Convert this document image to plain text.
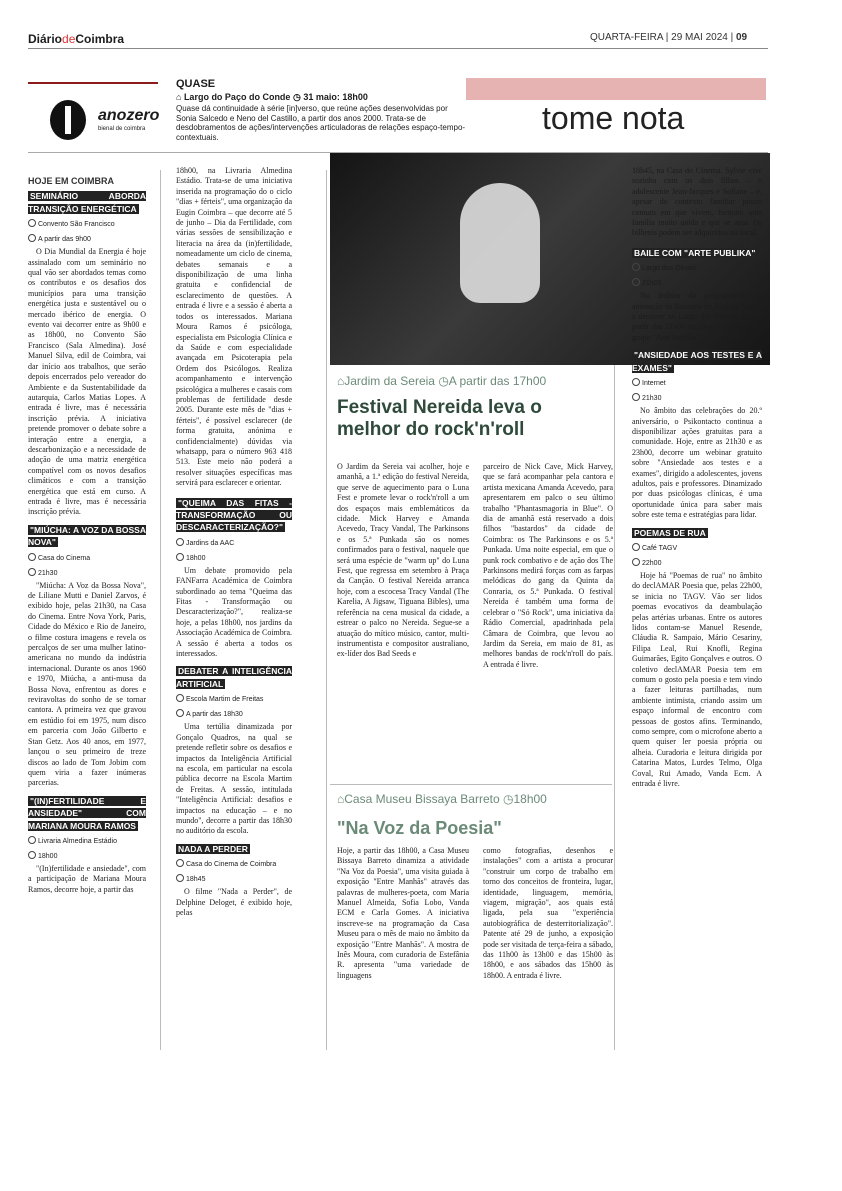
DiáriodeCoimbra	QUARTA-FEIRA | 29 MAI 2024 | 09
anozero
bienal de coimbra
QUASE
⌂ Largo do Paço do Conde ◷ 31 maio: 18h00
Quase dá continuidade à série [in]verso, que reúne ações desenvolvidas por Sonia Salcedo e Neno del Castillo, a partir dos anos 2000. Trata-se de desdobramentos de ações/intervenções articuladoras de relações espaço-tempo-contextuais.
tome nota
HOJE EM COIMBRA
SEMINÁRIO ABORDA TRANSIÇÃO ENERGÉTICA
Convento São Francisco
A partir das 9h00

O Dia Mundial da Energia é hoje assinalado com um seminário no qual vão ser abordados temas como os contributos e os desafios dos municípios para uma transição energética justa e sustentável ou o mercado ibérico de energia. O evento vai decorrer entre as 9h00 e as 18h00, no Convento São Francisco (Sala Almedina). José Manuel Silva, edil de Coimbra, vai dar início aos trabalhos, que serão depois encerrados pelo vereador do Ambiente e da Sustentabilidade da autarquia, Carlos Matias Lopes. A entrada é livre, mas é necessária inscrição prévia. A iniciativa pretende promover o debate sobre a interação entre a energia, a descarbonização e a necessidade de adoção de uma matriz energética compatível com os novos desafios climáticos e com a transição energética que está em curso. A entrada é livre, mas é necessária inscrição prévia.

"MIÚCHA: A VOZ DA BOSSA NOVA"
Casa do Cinema
21h30

"Miúcha: A Voz da Bossa Nova", de Liliane Mutti e Daniel Zarvos, é exibido hoje, pelas 21h30, na Casa do Cinema. Entre Nova York, Paris, Cidade do México e Rio de Janeiro, o filme costura imagens e revela os percalços de ser uma mulher latino-americana no mundo da indústria internacional. Durante os anos 1960 e 1970, Miúcha, a anti-musa da Bossa Nova, enfrentou as dores e reviravoltas do sonho de se tornar cantora. A primeira vez que gravou em estúdio foi em 1975, num disco em parceria com João Gilberto e Stan Getz. Aos 40 anos, em 1977, lançou o seu primeiro de treze discos ao lado de Tom Jobim com quem viria a fazer inúmeras parcerias.

"(IN)FERTILIDADE E ANSIEDADE" COM MARIANA MOURA RAMOS
Livraria Almedina Estádio
18h00

"(In)fertilidade e ansiedade", com a participação de Mariana Moura Ramos, decorre hoje, a partir das

18h00, na Livraria Almedina Estádio. Trata-se de uma iniciativa inserida na programação do o ciclo "dias + férteis", uma organização da Eugin Coimbra – que decorre até 5 de junho – Dia da Fertilidade, com várias sessões de sensibilização e literacia na área da (in)fertilidade, nomeadamente um ciclo de cinema, debates semanais e a disponibilização de uma linha gratuita e confidencial de esclarecimento de questões. A entrada é livre e a sessão é aberta a todos os interessados. Mariana Moura Ramos é psicóloga, especialista em Psicologia Clínica e da Saúde e com especialidade avançada em Psicoterapia pela Ordem dos Psicólogos. Realiza acompanhamento e intervenção psicológica a mulheres e casais com problemas de fertilidade desde 2005. Durante este mês de "dias + férteis", é possível esclarecer (de forma gratuita, anónima e confidencialmente) dúvidas via whatsapp, para o número 963 418 513. Este meio não poderá a resolver situações específicas mas servirá para esclarecer e orientar.

"QUEIMA DAS FITAS - TRANSFORMAÇÃO OU DESCARACTERIZAÇÃO?"
Jardins da AAC
18h00

Um debate promovido pela FANFarra Académica de Coimbra subordinado ao tema "Queima das Fitas - Transformação ou Descaracterização?", realiza-se hoje, a pelas 18h00, nos jardins da Associação Académica de Coimbra. A sessão é aberta a todos os interessados.

DEBATER A INTELIGÊNCIA ARTIFICIAL
Escola Martim de Freitas
A partir das 18h30

Uma tertúlia dinamizada por Gonçalo Quadros, na qual se pretende refletir sobre os desafios e impactos da Inteligência Artificial na escola, em particular na escola pública decorre na Escola Martim de Freitas. A sessão, intitulada "Inteligência Artificial: desafios e impactos na educação – e no mundo", decorre a partir das 18h30 no auditório da escola.

NADA A PERDER
Casa do Cinema de Coimbra
18h45

O filme "Nada a Perder", de Delphine Deloget, é exibido hoje, pelas

⌂Jardim da Sereia ◷A partir das 17h00
Festival Nereida leva o melhor do rock'n'roll

O Jardim da Sereia vai acolher, hoje e amanhã, a 1.ª edição do festival Nereida, que serve de aquecimento para o Luna Fest e promete levar o rock'n'roll a um dos espaços mais emblemáticos da cidade. Mick Harvey e Amanda Acevedo, Tracy Vandal, The Parkinsons e os 5.ª Punkada são os nomes confirmados para o festival, naquele que será uma espécie de "warm up" do Luna Fest, que regressa em setembro à Praça da Canção. O festival Nereida arranca hoje, com a escocesa Tracy Vandal (The Karelia, A Jigsaw, Tiguana Bibles), uma referência na cena musical da cidade, a estrear o palco no Nereida. Segue-se a atuação do mítico músico, cantor, multi-instrumentista e compositor australiano, ex-líder dos Bad Seeds e

parceiro de Nick Cave, Mick Harvey, que se fará acompanhar pela cantora e artista mexicana Amanda Acevedo, para apresentarem em palco o seu último trabalho "Phantasmagoria in Blue". O dia de amanhã está reservado a dois filhos "bastardos" da cidade de Coimbra: os The Parkinsons e os 5.ª Punkada. Uma noite especial, em que o punk rock combativo e de ação dos The Parkinsons medirá forças com as farpas melódicas do gang da Quinta da Conraria, os 5.ª Punkada. O festival Nereida é também uma forma de celebrar o "Só Rock", uma iniciativa da Rádio Comercial, apadrinhada pela Câmara de Coimbra, que levou ao Jardim da Sereia, em maio de 81, as melhores bandas de rock'n'roll do país. A entrada é livre.

⌂Casa Museu Bissaya Barreto ◷18h00
"Na Voz da Poesia"

Hoje, a partir das 18h00, a Casa Museu Bissaya Barreto dinamiza a atividade "Na Voz da Poesia", uma visita guiada à exposição "Entre Manhãs" através das palavras de mulheres-poeta, com Maria Manuel Almeida, Sofia Lobo, Vanda ECM e Carla Gomes. A iniciativa inscreve-se na programação da Casa Museu para o mês de maio no âmbito da exposição "Entre Manhãs". A mostra de Inês Moura, com curadoria de Estefânia R. apresenta "uma variedade de linguagens

como fotografias, desenhos e instalações" com a artista a procurar "construir um corpo de trabalho em torno dos conceitos de fronteira, lugar, identidade, linguagem, memória, viagem, migração", aos quais está ligada, pela sua "experiência autobiográfica de desterritorialização". Patente até 29 de junho, a exposição pode ser visitada de terça-feira a sábado, das 11h00 às 13h00 e das 15h00 às 18h00, e aos sábados das 15h00 às 18h00. A entrada é livre.

18h45, na Casa do Cinema. Sylvie vive sozinha com os dois filhos – o adolescente Jean-Jacques e Sofiane – e, apesar do contexto familiar pouco comum em que vivem, formam uma família muito unida e que se ama. Os bilhetes podem ser adquiridos no local.

BAILE COM "ARTE PUBLIKA"
Largo dos Olivais
21h00

No âmbito da programação de animação da Romaria do Espírito Santo, a decorrer no Largo dos Olivais, hoje a partir das 21h00 inicia-se o baile com o grupo "Arte Publika".

"ANSIEDADE AOS TESTES E A EXAMES"
Internet
21h30

No âmbito das celebrações do 20.º aniversário, o Psikontacto continua a disponibilizar ações gratuitas para a comunidade. Hoje, entre as 21h30 e as 23h00, decorre um webinar gratuito sobre "Ansiedade aos testes e a exames", dirigido a adolescentes, jovens adultos, pais e professores. Dinamizado por duas psicólogas clínicas, é uma oportunidade única para saber mais sobre este tema e estratégias para lidar.

POEMAS DE RUA
Café TAGV
22h00

Hoje há "Poemas de rua" no âmbito do declAMAR Poesia que, pelas 22h00, se inicia no TAGV. Vão ser lidos poemas evocativos da deambulação pelas artérias urbanas. Entre os autores lidos contam-se Manuel Resende, Cláudia R. Sampaio, Mário Cesariny, Filipa Leal, Rui Knofli, Regina Guimarães, Egito Gonçalves e outros. O coletivo declAMAR Poesia tem em comum o gosto pela poesia e tem vindo a fazer leituras partilhadas, num ambiente intimista, criando assim um espaço informal de encontro com pessoas de gostos afins. Terminando, como sempre, com o microfone aberto a quem quiser ler poesia própria ou alheia. Curadoria e leitura dirigida por Catarina Matos, Lurdes Telmo, Olga Coval, Rui Amado, Vanda Ecm. A entrada é livre.
